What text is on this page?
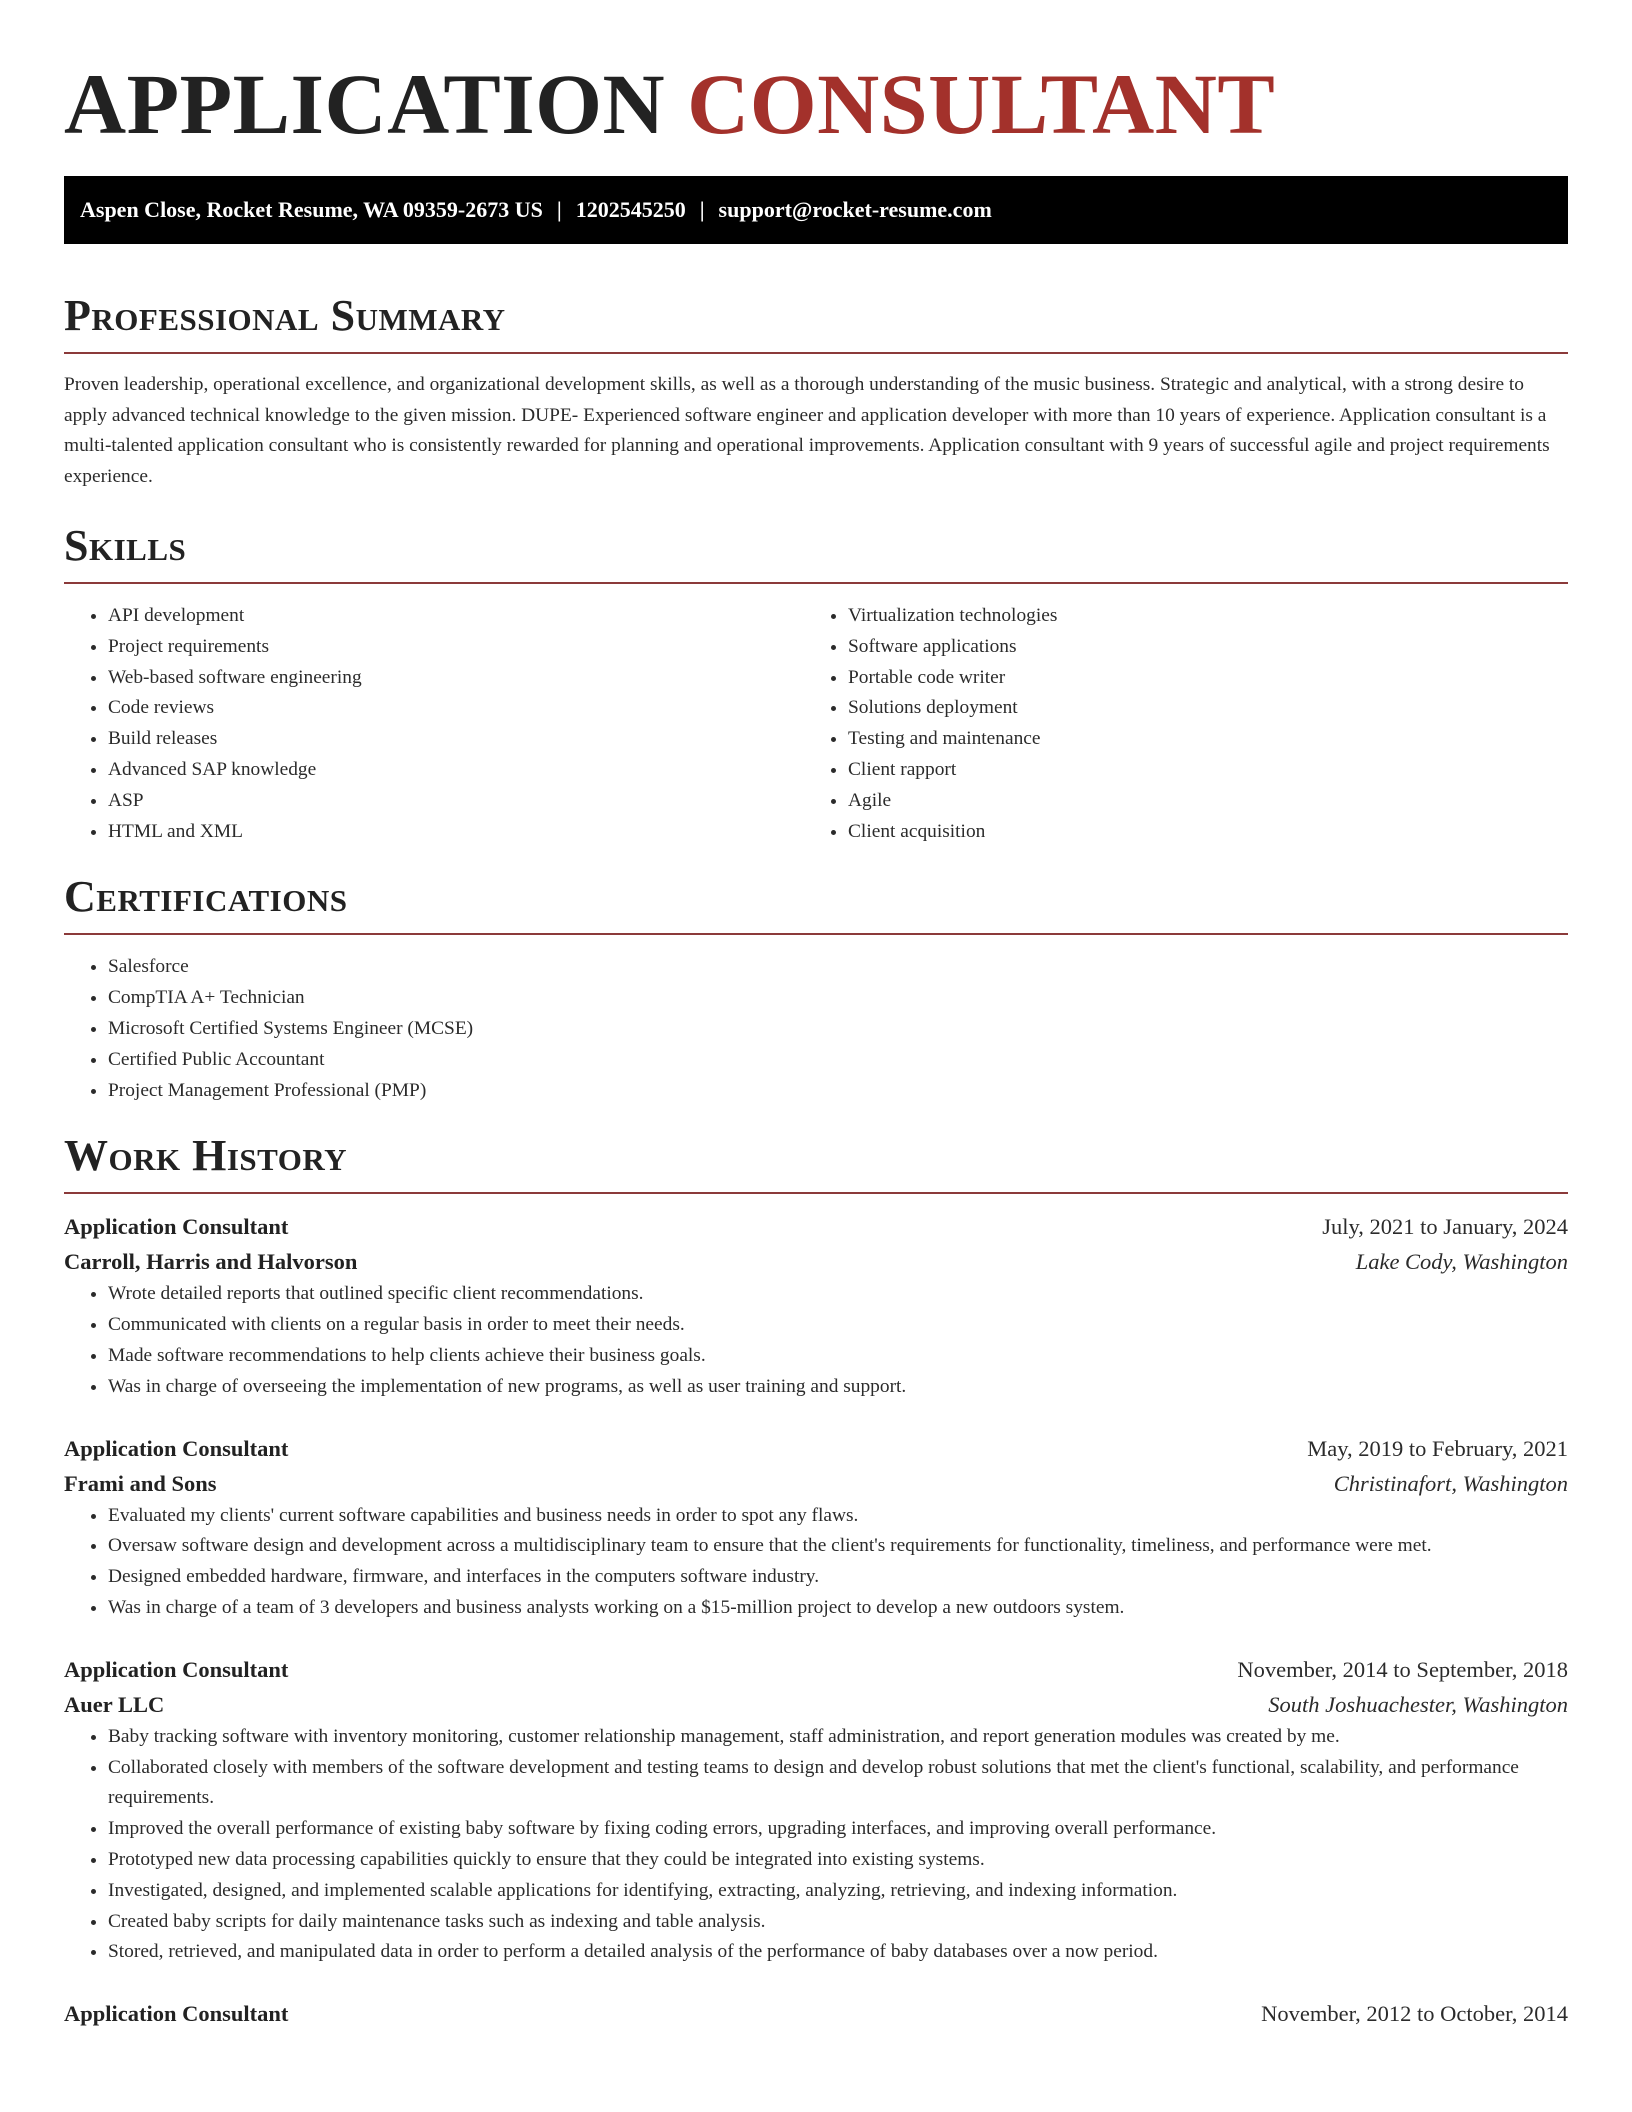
APPLICATION CONSULTANT
Aspen Close, Rocket Resume, WA 09359-2673 US | 1202545250 | support@rocket-resume.com
Professional Summary

Proven leadership, operational excellence, and organizational development skills, as well as a thorough understanding of the music business. Strategic and analytical, with a strong desire to apply advanced technical knowledge to the given mission. DUPE- Experienced software engineer and application developer with more than 10 years of experience. Application consultant is a multi-talented application consultant who is consistently rewarded for planning and operational improvements. Application consultant with 9 years of successful agile and project requirements experience.

Skills
• API development
• Project requirements
• Web-based software engineering
• Code reviews
• Build releases
• Advanced SAP knowledge
• ASP
• HTML and XML
• Virtualization technologies
• Software applications
• Portable code writer
• Solutions deployment
• Testing and maintenance
• Client rapport
• Agile
• Client acquisition
Certifications
• Salesforce
• CompTIA A+ Technician
• Microsoft Certified Systems Engineer (MCSE)
• Certified Public Accountant
• Project Management Professional (PMP)
Work History
Application Consultant	July, 2021 to January, 2024
Carroll, Harris and Halvorson	Lake Cody, Washington
• Wrote detailed reports that outlined specific client recommendations.
• Communicated with clients on a regular basis in order to meet their needs.
• Made software recommendations to help clients achieve their business goals.
• Was in charge of overseeing the implementation of new programs, as well as user training and support.
Application Consultant	May, 2019 to February, 2021
Frami and Sons	Christinafort, Washington
• Evaluated my clients' current software capabilities and business needs in order to spot any flaws.
• Oversaw software design and development across a multidisciplinary team to ensure that the client's requirements for functionality, timeliness, and performance were met.
• Designed embedded hardware, firmware, and interfaces in the computers software industry.
• Was in charge of a team of 3 developers and business analysts working on a $15-million project to develop a new outdoors system.
Application Consultant	November, 2014 to September, 2018
Auer LLC	South Joshuachester, Washington
• Baby tracking software with inventory monitoring, customer relationship management, staff administration, and report generation modules was created by me.
• Collaborated closely with members of the software development and testing teams to design and develop robust solutions that met the client's functional, scalability, and performance requirements.
• Improved the overall performance of existing baby software by fixing coding errors, upgrading interfaces, and improving overall performance.
• Prototyped new data processing capabilities quickly to ensure that they could be integrated into existing systems.
• Investigated, designed, and implemented scalable applications for identifying, extracting, analyzing, retrieving, and indexing information.
• Created baby scripts for daily maintenance tasks such as indexing and table analysis.
• Stored, retrieved, and manipulated data in order to perform a detailed analysis of the performance of baby databases over a now period.
Application Consultant	November, 2012 to October, 2014
